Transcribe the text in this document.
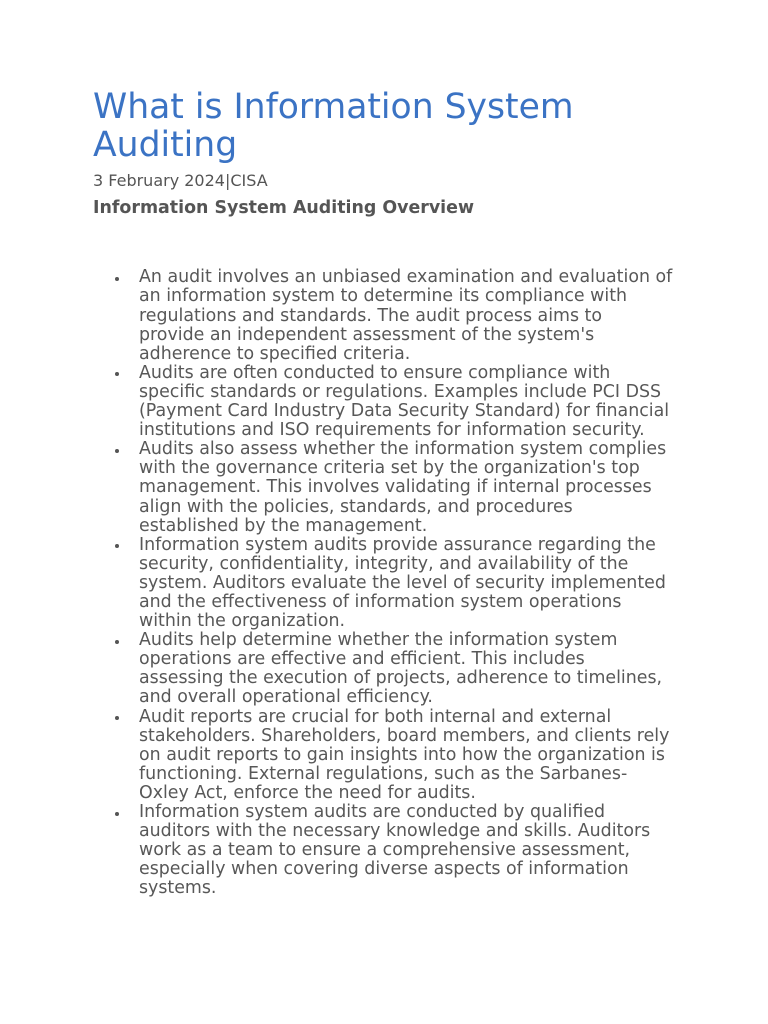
What is Information System Auditing
3 February 2024|CISA
Information System Auditing Overview
An audit involves an unbiased examination and evaluation of
an information system to determine its compliance with
regulations and standards. The audit process aims to
provide an independent assessment of the system's
adherence to specified criteria.
Audits are often conducted to ensure compliance with
specific standards or regulations. Examples include PCI DSS
(Payment Card Industry Data Security Standard) for financial
institutions and ISO requirements for information security.
Audits also assess whether the information system complies
with the governance criteria set by the organization's top
management. This involves validating if internal processes
align with the policies, standards, and procedures
established by the management.
Information system audits provide assurance regarding the
security, confidentiality, integrity, and availability of the
system. Auditors evaluate the level of security implemented
and the effectiveness of information system operations
within the organization.
Audits help determine whether the information system
operations are effective and efficient. This includes
assessing the execution of projects, adherence to timelines,
and overall operational efficiency.
Audit reports are crucial for both internal and external
stakeholders. Shareholders, board members, and clients rely
on audit reports to gain insights into how the organization is
functioning. External regulations, such as the Sarbanes-
Oxley Act, enforce the need for audits.
Information system audits are conducted by qualified
auditors with the necessary knowledge and skills. Auditors
work as a team to ensure a comprehensive assessment,
especially when covering diverse aspects of information
systems.
